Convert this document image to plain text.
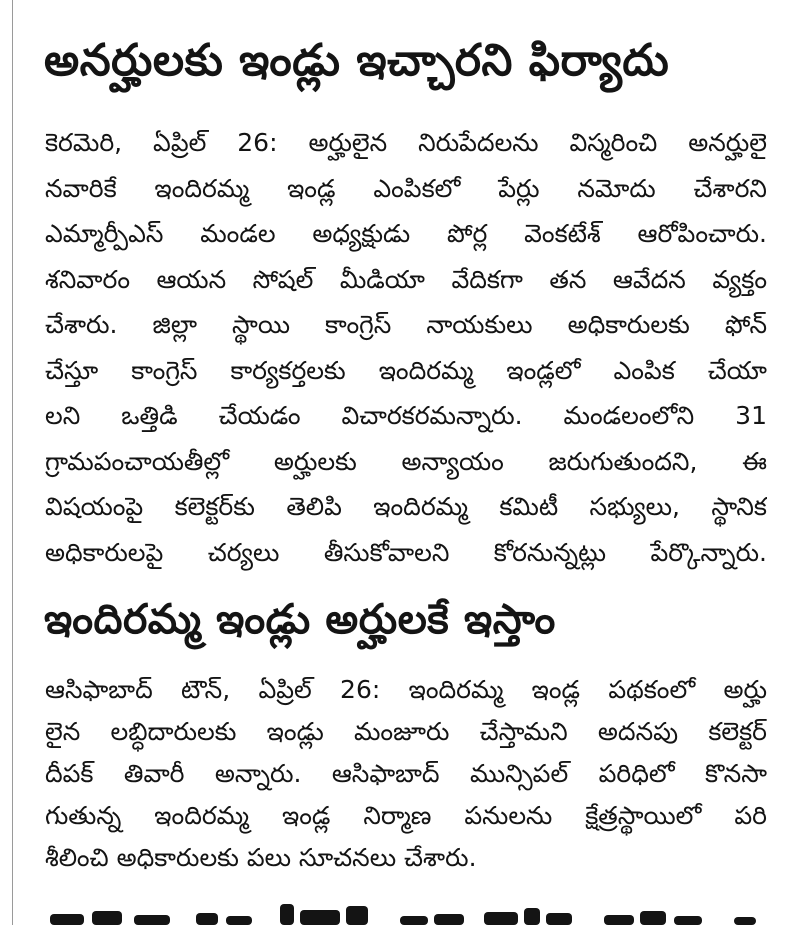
అనర్హులకు ఇండ్లు ఇచ్చారని ఫిర్యాదు
కెరమెరి, ఏప్రిల్ 26: అర్హులైన నిరుపేదలను విస్మరించి అనర్హులై
నవారికే ఇందిరమ్మ ఇండ్ల ఎంపికలో పేర్లు నమోదు చేశారని
ఎమ్మార్పీఎస్ మండల అధ్యక్షుడు పోర్ల వెంకటేశ్ ఆరోపించారు.
శనివారం ఆయన సోషల్ మీడియా వేదికగా తన ఆవేదన వ్యక్తం
చేశారు. జిల్లా స్థాయి కాంగ్రెస్ నాయకులు అధికారులకు ఫోన్
చేస్తూ కాంగ్రెస్ కార్యకర్తలకు ఇందిరమ్మ ఇండ్లలో ఎంపిక చేయా
లని ఒత్తిడి చేయడం విచారకరమన్నారు. మండలంలోని 31
గ్రామపంచాయతీల్లో అర్హులకు అన్యాయం జరుగుతుందని, ఈ
విషయంపై కలెక్టర్‌కు తెలిపి ఇందిరమ్మ కమిటీ సభ్యులు, స్థానిక
అధికారులపై చర్యలు తీసుకోవాలని కోరనున్నట్లు పేర్కొన్నారు.
ఇందిరమ్మ ఇండ్లు అర్హులకే ఇస్తాం
ఆసిఫాబాద్ టౌన్, ఏప్రిల్ 26: ఇందిరమ్మ ఇండ్ల పథకంలో అర్హు
లైన లబ్ధిదారులకు ఇండ్లు మంజూరు చేస్తామని అదనపు కలెక్టర్
దీపక్ తివారీ అన్నారు. ఆసిఫాబాద్ మున్సిపల్ పరిధిలో కొనసా
గుతున్న ఇందిరమ్మ ఇండ్ల నిర్మాణ పనులను క్షేత్రస్థాయిలో పరి
శీలించి అధికారులకు పలు సూచనలు చేశారు.
